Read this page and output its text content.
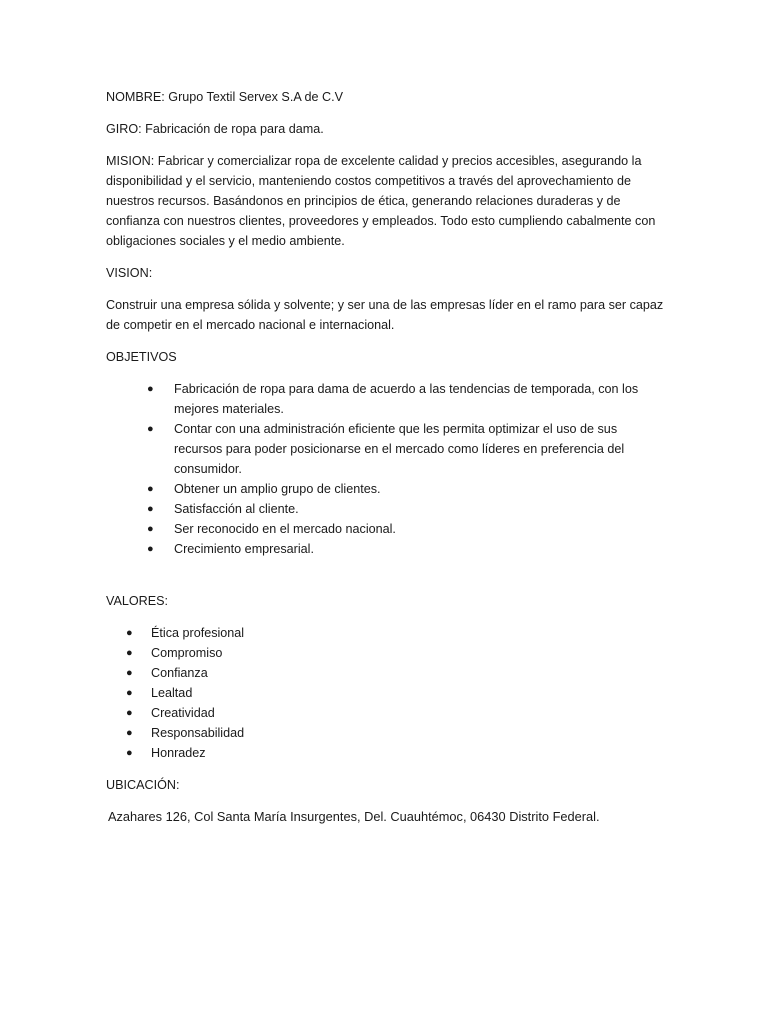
NOMBRE: Grupo Textil Servex S.A de C.V

GIRO: Fabricación de ropa para dama.

MISION: Fabricar y comercializar ropa de excelente calidad y precios accesibles, asegurando la disponibilidad y el servicio, manteniendo costos competitivos a través del aprovechamiento de nuestros recursos. Basándonos en principios de ética, generando relaciones duraderas y de confianza con nuestros clientes, proveedores y empleados. Todo esto cumpliendo cabalmente con obligaciones sociales y el medio ambiente.

VISION:

Construir una empresa sólida y solvente; y ser una de las empresas líder en el ramo para ser capaz de competir en el mercado nacional e internacional.

OBJETIVOS

● Fabricación de ropa para dama de acuerdo a las tendencias de temporada, con los mejores materiales.
● Contar con una administración eficiente que les permita optimizar el uso de sus recursos para poder posicionarse en el mercado como líderes en preferencia del consumidor.
● Obtener un amplio grupo de clientes.
● Satisfacción al cliente.
● Ser reconocido en el mercado nacional.
● Crecimiento empresarial.

VALORES:

● Ética profesional
● Compromiso
● Confianza
● Lealtad
● Creatividad
● Responsabilidad
● Honradez

UBICACIÓN:

Azahares 126, Col Santa María Insurgentes, Del. Cuauhtémoc, 06430 Distrito Federal.
